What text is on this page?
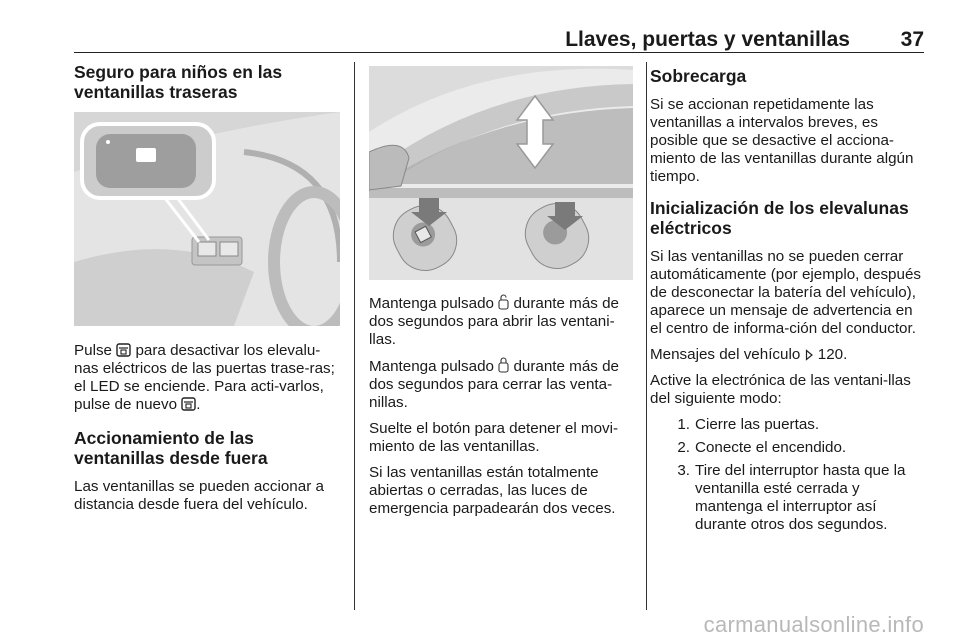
Llaves, puertas y ventanillas 37
Seguro para niños en las ventanillas traseras

Pulse para desactivar los elevalu-nas eléctricos de las puertas trase-ras; el LED se enciende. Para acti-varlos, pulse de nuevo .

Accionamiento de las ventanillas desde fuera

Las ventanillas se pueden accionar a distancia desde fuera del vehículo.

Mantenga pulsado durante más de dos segundos para abrir las ventani-llas.

Mantenga pulsado durante más de dos segundos para cerrar las venta-nillas.

Suelte el botón para detener el movi-miento de las ventanillas.

Si las ventanillas están totalmente abiertas o cerradas, las luces de emergencia parpadearán dos veces.

Sobrecarga

Si se accionan repetidamente las ventanillas a intervalos breves, es posible que se desactive el acciona-miento de las ventanillas durante algún tiempo.

Inicialización de los elevalunas eléctricos

Si las ventanillas no se pueden cerrar automáticamente (por ejemplo, después de desconectar la batería del vehículo), aparece un mensaje de advertencia en el centro de informa-ción del conductor.

Mensajes del vehículo 120.

Active la electrónica de las ventani-llas del siguiente modo:

1. Cierre las puertas.
2. Conecte el encendido.
3. Tire del interruptor hasta que la ventanilla esté cerrada y mantenga el interruptor así durante otros dos segundos.
carmanualsonline.info
